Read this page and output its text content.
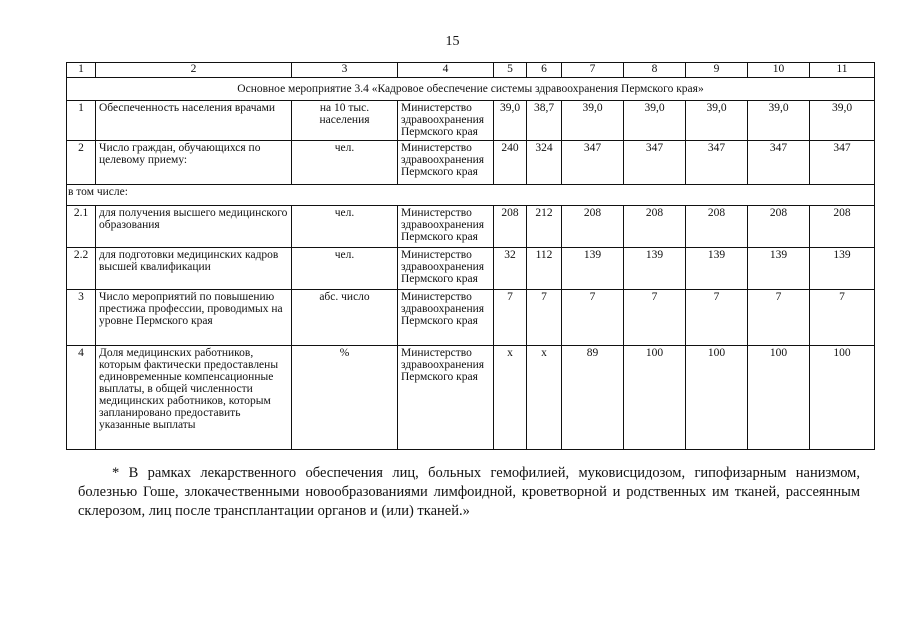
15
1	2	3	4	5	6	7	8	9	10	11
Основное мероприятие 3.4 «Кадровое обеспечение системы здравоохранения Пермского края»										
1	Обеспеченность населения врачами	на 10 тыс. населения	Министерство здравоохранения Пермского края	39,0	38,7	39,0	39,0	39,0	39,0	39,0
2	Число граждан, обучающихся по целевому приему:	чел.	Министерство здравоохранения Пермского края	240	324	347	347	347	347	347
в том числе:										
2.1	для получения высшего медицинского образования	чел.	Министерство здравоохранения Пермского края	208	212	208	208	208	208	208
2.2	для подготовки медицинских кадров высшей квалификации	чел.	Министерство здравоохранения Пермского края	32	112	139	139	139	139	139
3	Число мероприятий по повышению престижа профессии, проводимых на уровне Пермского края	абс. число	Министерство здравоохранения Пермского края	7	7	7	7	7	7	7
4	Доля медицинских работников, которым фактически предоставлены единовременные компенсационные выплаты, в общей численности медицинских работников, которым запланировано предоставить указанные выплаты	%	Министерство здравоохранения Пермского края	х	х	89	100	100	100	100
* В рамках лекарственного обеспечения лиц, больных гемофилией, муковисцидозом, гипофизарным нанизмом, болезнью Гоше, злокачественными новообразованиями лимфоидной, кроветворной и родственных им тканей, рассеянным склерозом, лиц после трансплантации органов и (или) тканей.»
